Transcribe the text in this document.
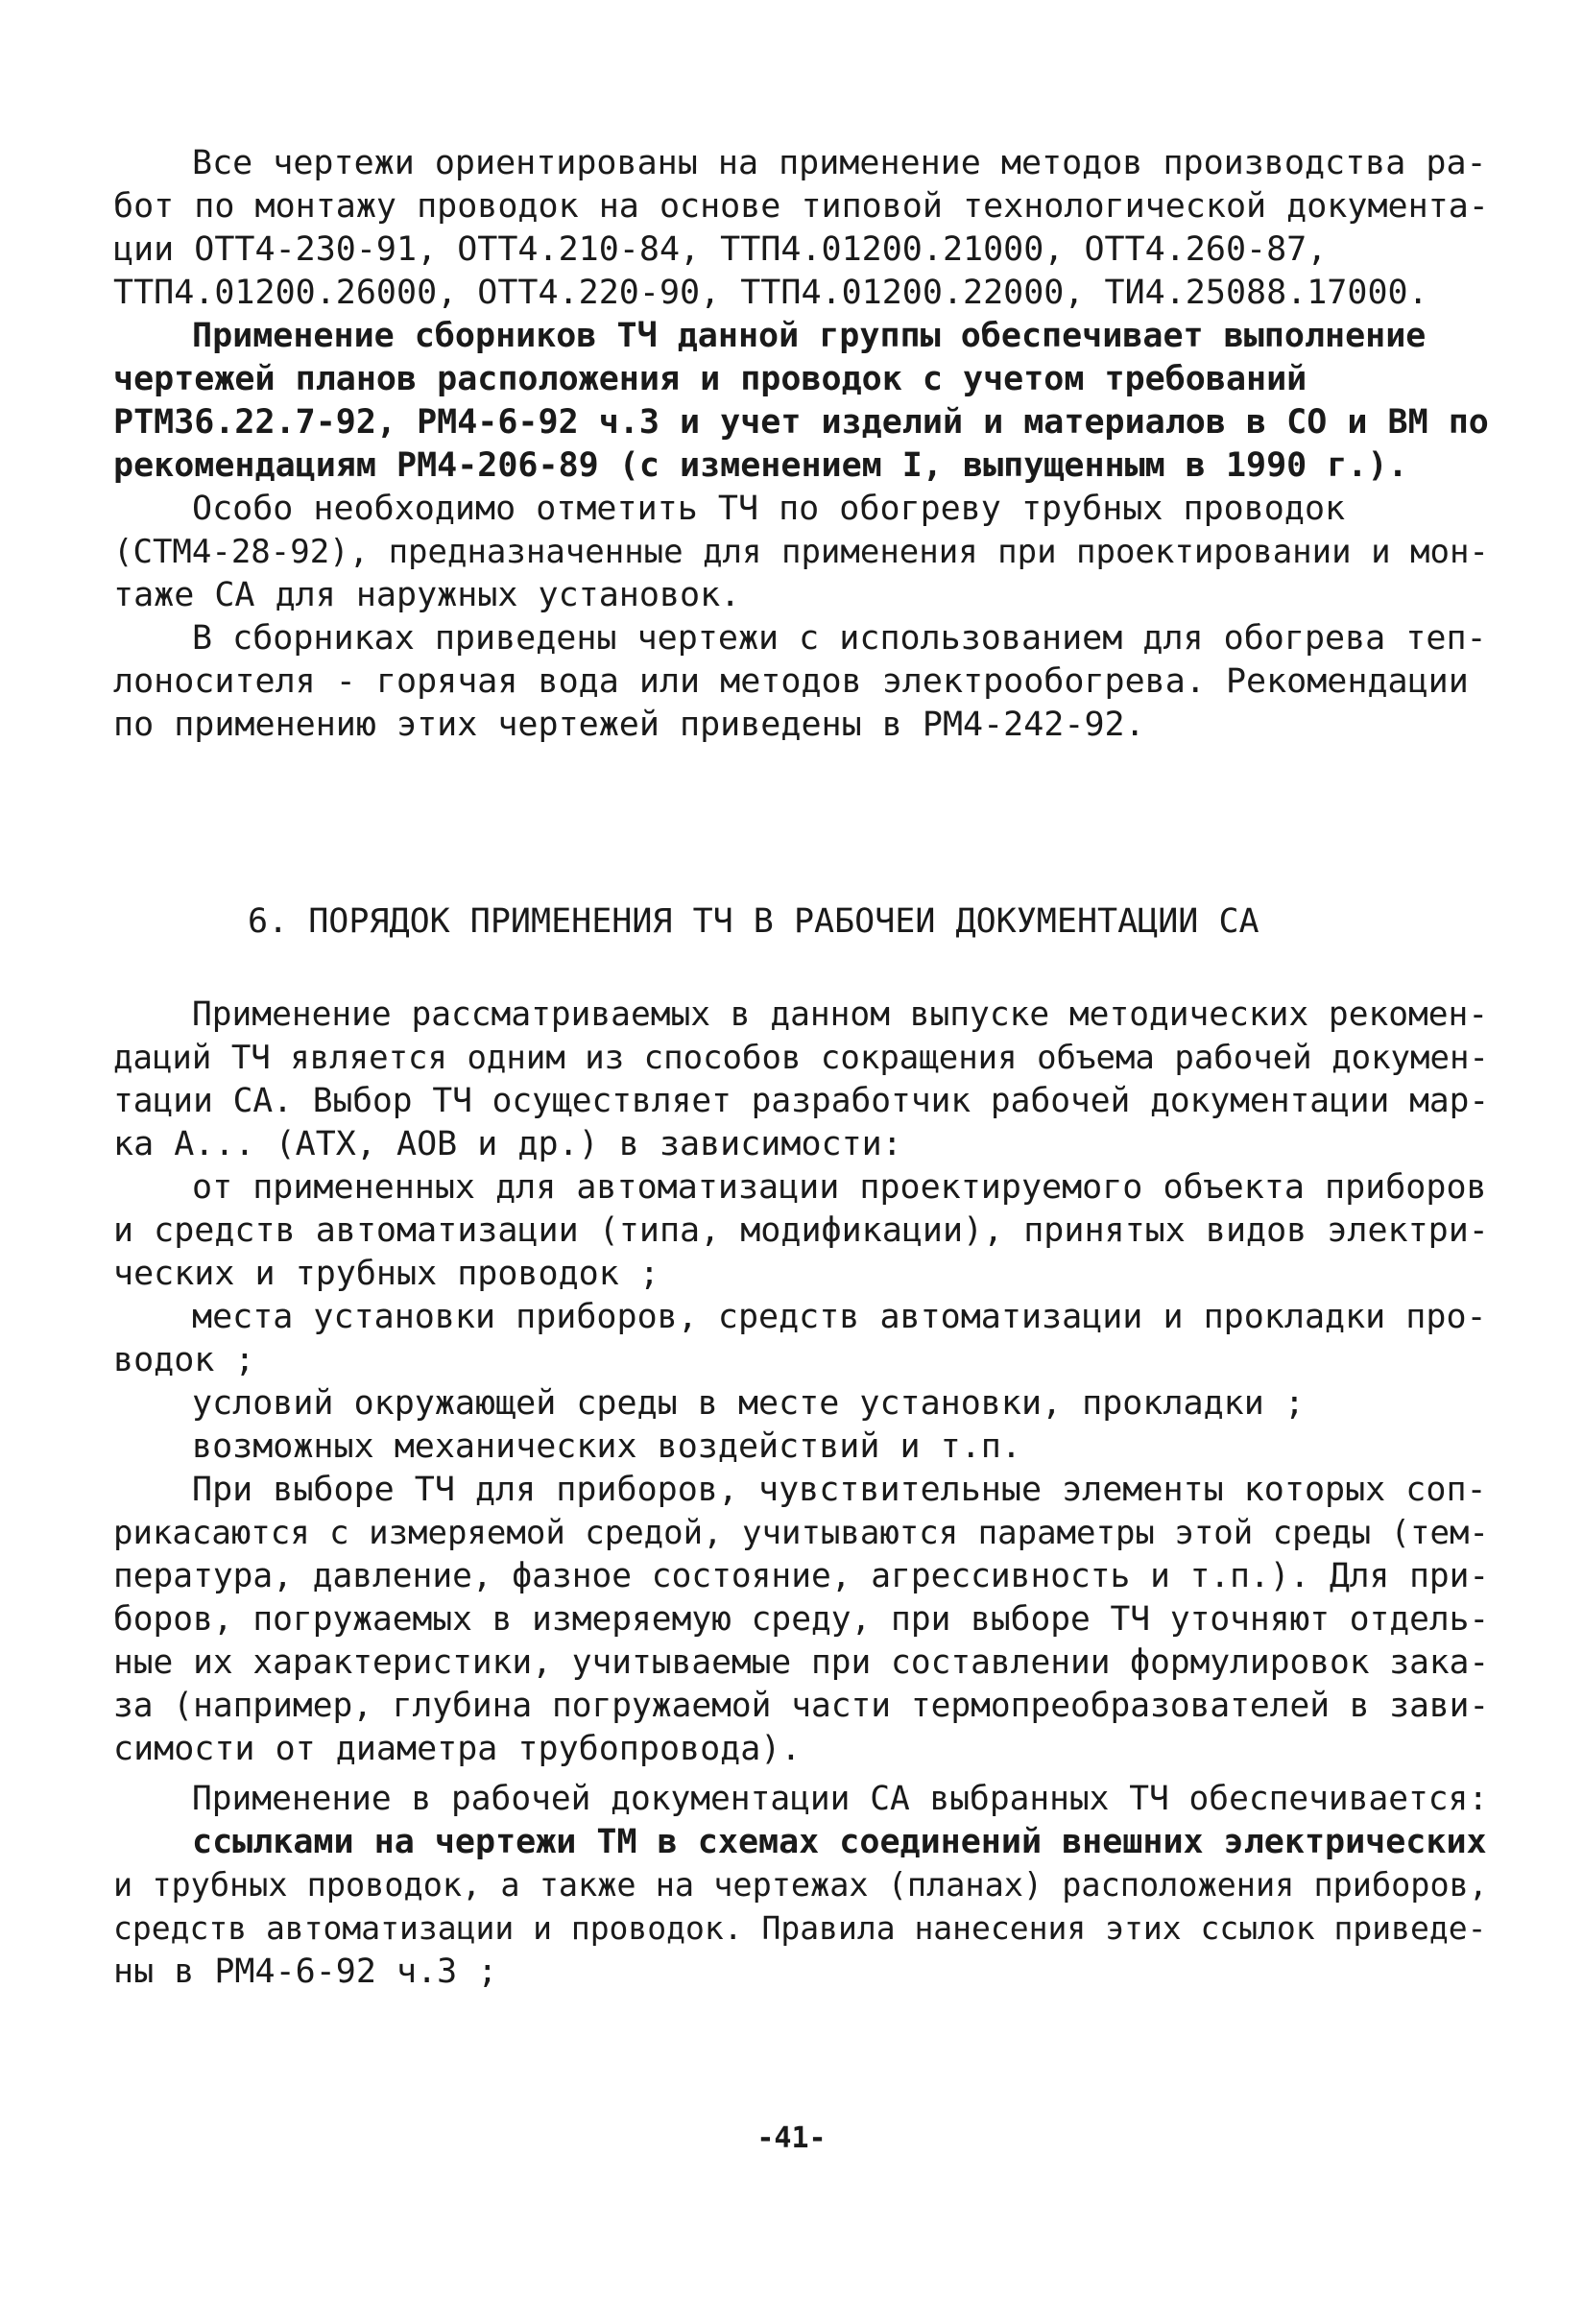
Все чертежи ориентированы на применение методов производства ра-
бот по монтажу проводок на основе типовой технологической документа-
ции ОТТ4-230-91, ОТТ4.210-84, ТТП4.01200.21000, ОТТ4.260-87,
ТТП4.01200.26000, ОТТ4.220-90, ТТП4.01200.22000, ТИ4.25088.17000.
Применение сборников ТЧ данной группы обеспечивает выполнение
чертежей планов расположения и проводок с учетом требований
РТМ36.22.7-92, РМ4-6-92 ч.3 и учет изделий и материалов в СО и ВМ по
рекомендациям РМ4-206-89 (с изменением I, выпущенным в 1990 г.).
Особо необходимо отметить ТЧ по обогреву трубных проводок
(СТМ4-28-92), предназначенные для применения при проектировании и мон-
таже СА для наружных установок.
В сборниках приведены чертежи с использованием для обогрева теп-
лоносителя - горячая вода или методов электрообогрева. Рекомендации
по применению этих чертежей приведены в РМ4-242-92.
6. ПОРЯДОК ПРИМЕНЕНИЯ ТЧ В РАБОЧЕИ ДОКУМЕНТАЦИИ СА
Применение рассматриваемых в данном выпуске методических рекомен-
даций ТЧ является одним из способов сокращения объема рабочей докумен-
тации СА. Выбор ТЧ осуществляет разработчик рабочей документации мар-
ка А... (АТХ, АОВ и др.) в зависимости:
от примененных для автоматизации проектируемого объекта приборов
и средств автоматизации (типа, модификации), принятых видов электри-
ческих и трубных проводок ;
места установки приборов, средств автоматизации и прокладки про-
водок ;
условий окружающей среды в месте установки, прокладки ;
возможных механических воздействий и т.п.
При выборе ТЧ для приборов, чувствительные элементы которых соп-
рикасаются с измеряемой средой, учитываются параметры этой среды (тем-
пература, давление, фазное состояние, агрессивность и т.п.). Для при-
боров, погружаемых в измеряемую среду, при выборе ТЧ уточняют отдель-
ные их характеристики, учитываемые при составлении формулировок зака-
за (например, глубина погружаемой части термопреобразователей в зави-
симости от диаметра трубопровода).
Применение в рабочей документации СА выбранных ТЧ обеспечивается:
ссылками на чертежи ТМ в схемах соединений внешних электрических
и трубных проводок, а также на чертежах (планах) расположения приборов,
средств автоматизации и проводок. Правила нанесения этих ссылок приведе-
ны в РМ4-6-92 ч.3 ;
-41-
